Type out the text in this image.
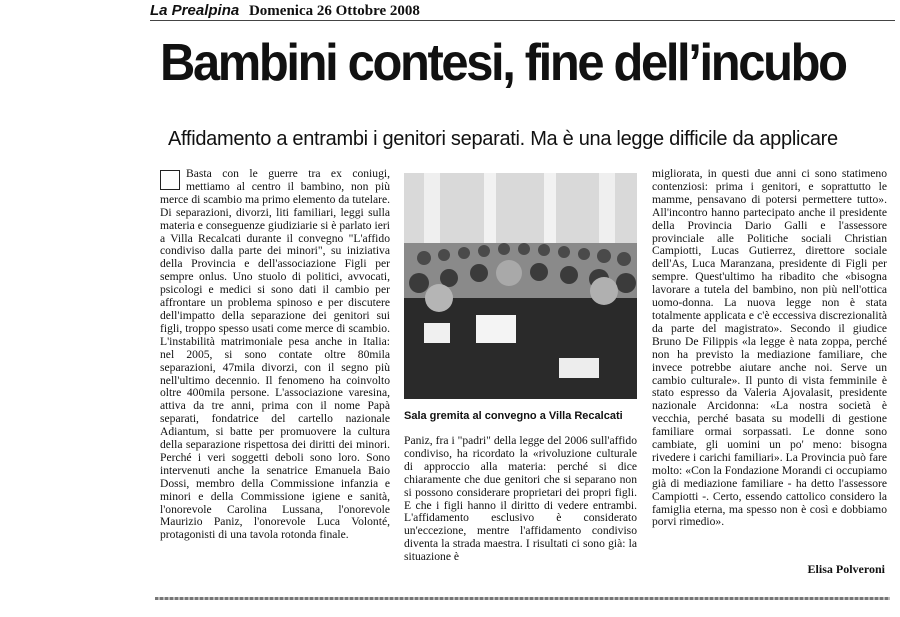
La Prealpina Domenica 26 Ottobre 2008
Bambini contesi, fine dell’incubo
Affidamento a entrambi i genitori separati. Ma è una legge difficile da applicare
Basta con le guerre tra ex coniugi, mettiamo al centro il bambino, non più merce di scambio ma primo elemento da tutelare. Di separazioni, divorzi, liti familiari, leggi sulla materia e conseguenze giudiziarie si è parlato ieri a Villa Recalcati durante il convegno "L'affido condiviso dalla parte dei minori", su iniziativa della Provincia e dell'associazione Figli per sempre onlus. Uno stuolo di politici, avvocati, psicologi e medici si sono dati il cambio per affrontare un problema spinoso e per discutere dell'impatto della separazione dei genitori sui figli, troppo spesso usati come merce di scambio. L'instabilità matrimoniale pesa anche in Italia: nel 2005, si sono contate oltre 80mila separazioni, 47mila divorzi, con il segno più nell'ultimo decennio. Il fenomeno ha coinvolto oltre 400mila persone. L'associazione varesina, attiva da tre anni, prima con il nome Papà separati, fondatrice del cartello nazionale Adiantum, si batte per promuovere la cultura della separazione rispettosa dei diritti dei minori. Perché i veri soggetti deboli sono loro. Sono intervenuti anche la senatrice Emanuela Baio Dossi, membro della Commissione infanzia e minori e della Commissione igiene e sanità, l'onorevole Carolina Lussana, l'onorevole Maurizio Paniz, l'onorevole Luca Volonté, protagonisti di una tavola rotonda finale.
Sala gremita al convegno a Villa Recalcati
Paniz, fra i "padri" della legge del 2006 sull'affido condiviso, ha ricordato la «rivoluzione culturale di approccio alla materia: perché si dice chiaramente che due genitori che si separano non si possono considerare proprietari dei propri figli. E che i figli hanno il diritto di vedere entrambi. L'affidamento esclusivo è considerato un'eccezione, mentre l'affidamento condiviso diventa la strada maestra. I risultati ci sono già: la situazione è
migliorata, in questi due anni ci sono statimeno contenziosi: prima i genitori, e soprattutto le mamme, pensavano di potersi permettere tutto». All'incontro hanno partecipato anche il presidente della Provincia Dario Galli e l'assessore provinciale alle Politiche sociali Christian Campiotti, Lucas Gutierrez, direttore sociale dell'As, Luca Maranzana, presidente di Figli per sempre. Quest'ultimo ha ribadito che «bisogna lavorare a tutela del bambino, non più nell'ottica uomo-donna. La nuova legge non è stata totalmente applicata e c'è eccessiva discrezionalità da parte del magistrato». Secondo il giudice Bruno De Filippis «la legge è nata zoppa, perché non ha previsto la mediazione familiare, che invece potrebbe aiutare anche noi. Serve un cambio culturale». Il punto di vista femminile è stato espresso da Valeria Ajovalasit, presidente nazionale Arcidonna: «La nostra società è vecchia, perché basata su modelli di gestione familiare ormai sorpassati. Le donne sono cambiate, gli uomini un po' meno: bisogna rivedere i carichi familiari». La Provincia può fare molto: «Con la Fondazione Morandi ci occupiamo già di mediazione familiare - ha detto l'assessore Campiotti -. Certo, essendo cattolico considero la famiglia eterna, ma spesso non è così e dobbiamo porvi rimedio».
Elisa Polveroni
